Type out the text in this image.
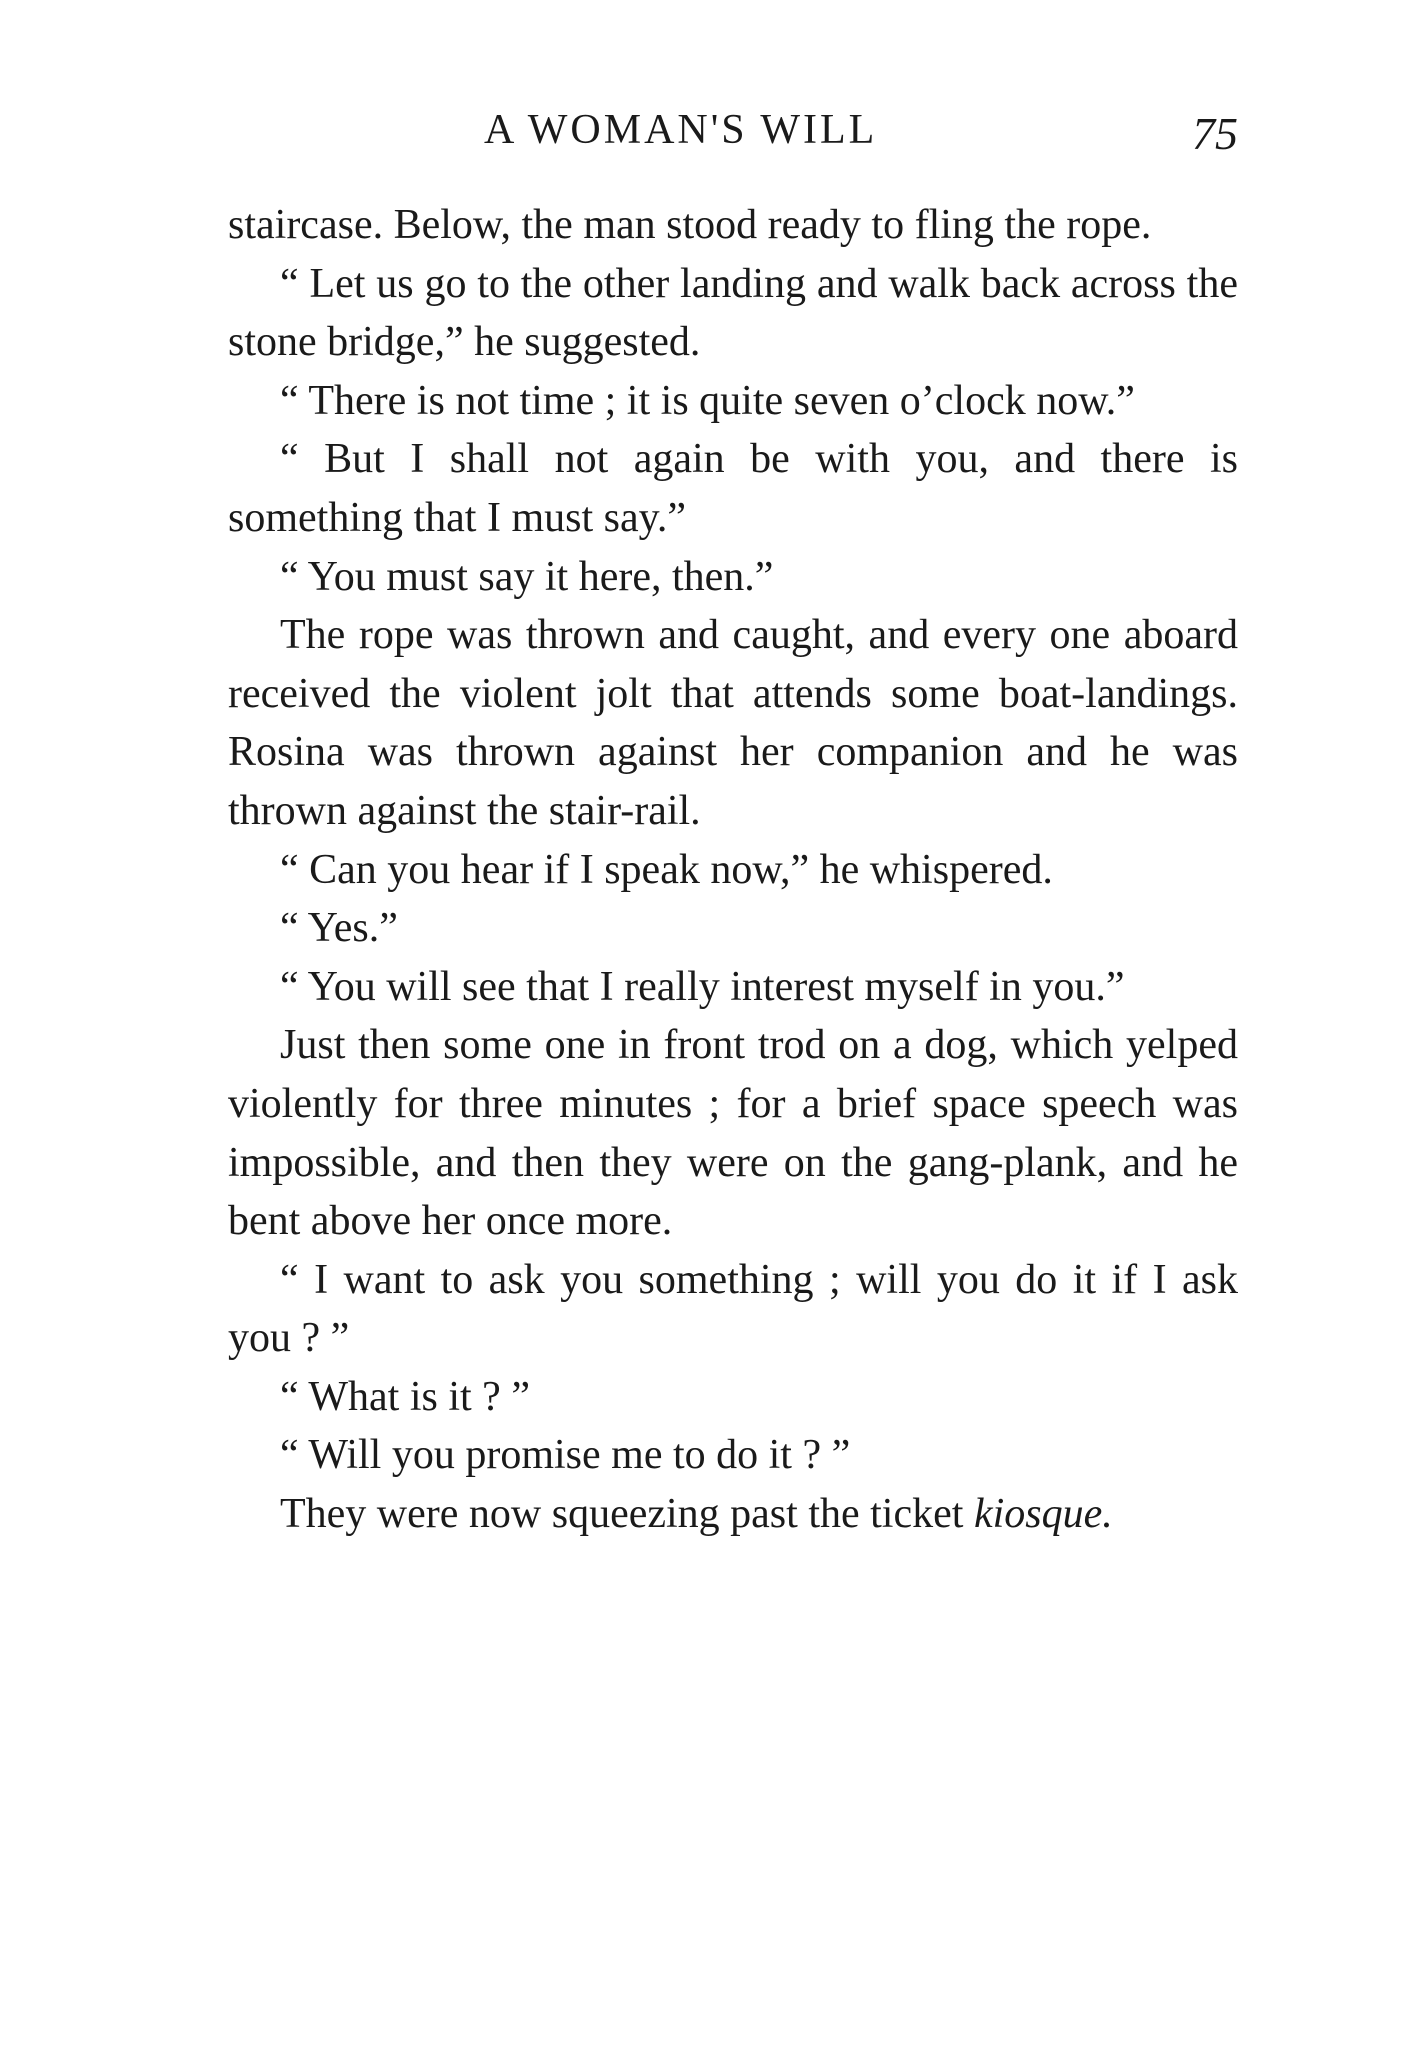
A WOMAN'S WILL	75

staircase. Below, the man stood ready to fling the rope.

“ Let us go to the other landing and walk back across the stone bridge,” he suggested.

“ There is not time ; it is quite seven o’clock now.”

“ But I shall not again be with you, and there is something that I must say.”

“ You must say it here, then.”

The rope was thrown and caught, and every one aboard received the violent jolt that attends some boat-landings. Rosina was thrown against her companion and he was thrown against the stair-rail.

“ Can you hear if I speak now,” he whispered.

“ Yes.”

“ You will see that I really interest myself in you.”

Just then some one in front trod on a dog, which yelped violently for three minutes ; for a brief space speech was impossible, and then they were on the gang-plank, and he bent above her once more.

“ I want to ask you something ; will you do it if I ask you ? ”

“ What is it ? ”

“ Will you promise me to do it ? ”

They were now squeezing past the ticket kiosque.
